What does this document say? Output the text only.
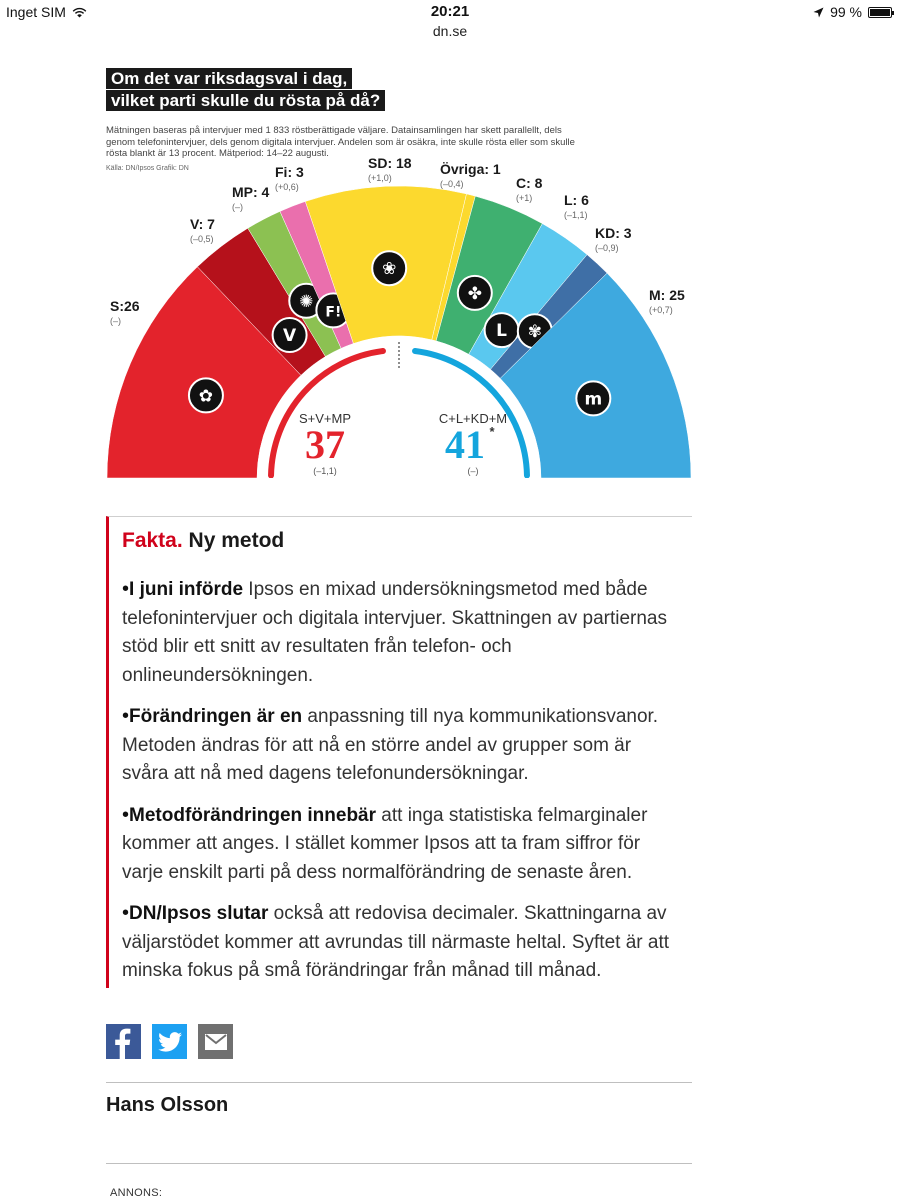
Inget SIM	20:21	99 %
dn.se
✿
S:26
(–)
V
V: 7
(–0,5)
✺
MP: 4
(–)
F!
Fi: 3
(+0,6)
❀
SD: 18
(+1,0)
Övriga: 1
(–0,4)
✤
C: 8
(+1)
L
L: 6
(–1,1)
✾
KD: 3
(–0,9)
m
M: 25
(+0,7)
S+V+MP
37
(–1,1)
C+L+KD+M
41 *
(–)
Om det var riksdagsval i dag,
vilket parti skulle du rösta på då?
Mätningen baseras på intervjuer med 1 833 röstberättigade väljare. Datainsamlingen har skett parallellt, dels
genom telefonintervjuer, dels genom digitala intervjuer. Andelen som är osäkra, inte skulle rösta eller som skulle
rösta blankt är 13 procent. Mätperiod: 14–22 augusti.
Källa: DN/Ipsos Grafik: DN
Fakta. Ny metod
•I juni införde Ipsos en mixad undersökningsmetod med både telefonintervjuer och digitala intervjuer. Skattningen av partiernas stöd blir ett snitt av resultaten från telefon- och onlineundersökningen.
•Förändringen är en anpassning till nya kommunikationsvanor. Metoden ändras för att nå en större andel av grupper som är svåra att nå med dagens telefonundersökningar.
•Metodförändringen innebär att inga statistiska felmarginaler kommer att anges. I stället kommer Ipsos att ta fram siffror för varje enskilt parti på dess normalförändring de senaste åren.
•DN/Ipsos slutar också att redovisa decimaler. Skattningarna av väljarstödet kommer att avrundas till närmaste heltal. Syftet är att minska fokus på små förändringar från månad till månad.
Hans Olsson
ANNONS:
